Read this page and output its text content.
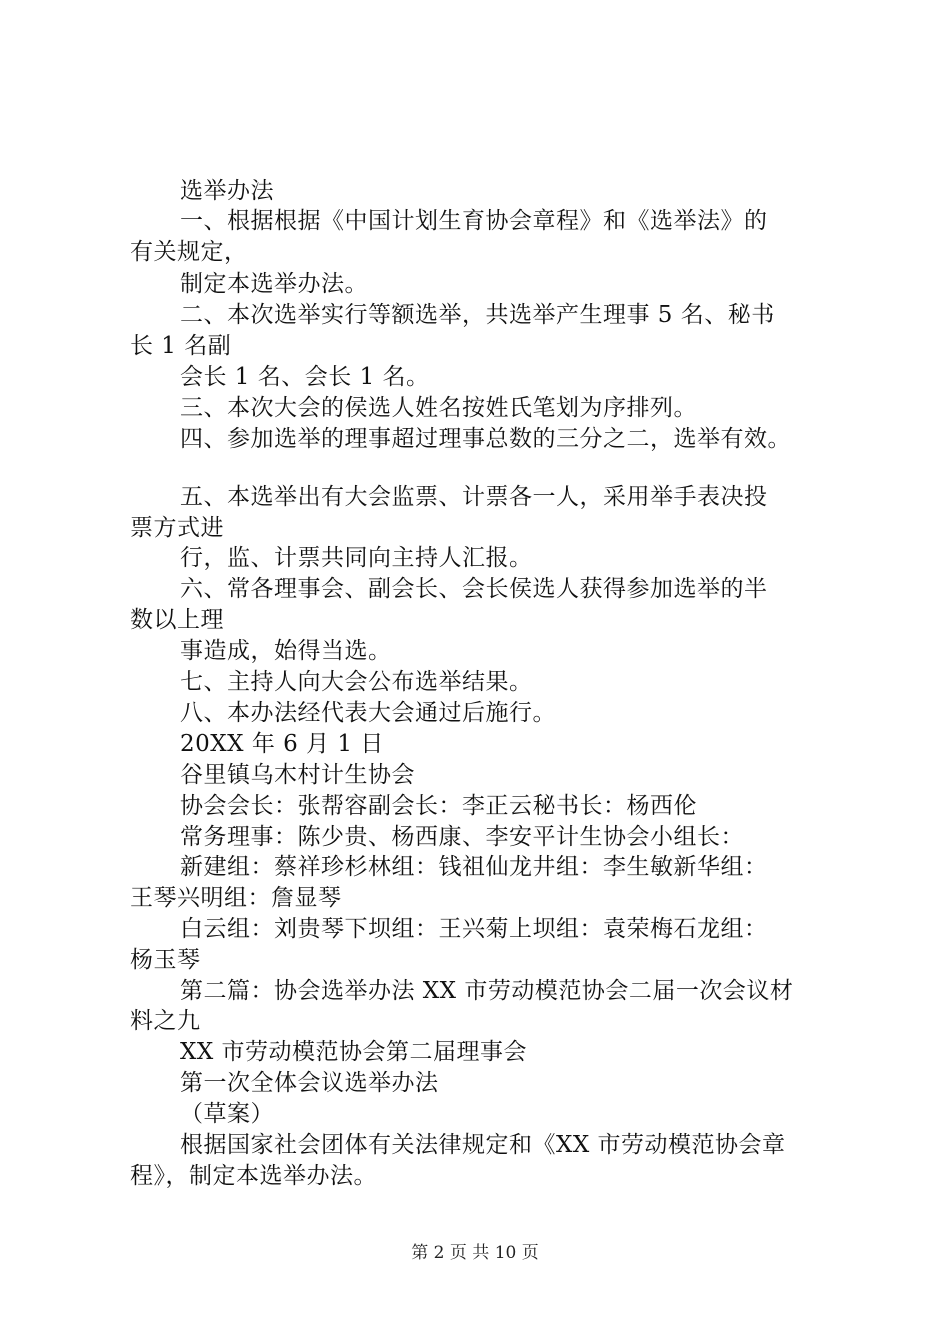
选举办法
一、根据根据《中国计划生育协会章程》和《选举法》的
有关规定，
制定本选举办法。
二、本次选举实行等额选举，共选举产生理事 5 名、秘书
长 1 名副
会长 1 名、会长 1 名。
三、本次大会的侯选人姓名按姓氏笔划为序排列。
四、参加选举的理事超过理事总数的三分之二，选举有效。
五、本选举出有大会监票、计票各一人，采用举手表决投
票方式进
行，监、计票共同向主持人汇报。
六、常各理事会、副会长、会长侯选人获得参加选举的半
数以上理
事造成，始得当选。
七、主持人向大会公布选举结果。
八、本办法经代表大会通过后施行。
20XX 年 6 月 1 日
谷里镇乌木村计生协会
协会会长：张帮容副会长：李正云秘书长：杨西伦
常务理事：陈少贵、杨西康、李安平计生协会小组长：
新建组：蔡祥珍杉林组：钱祖仙龙井组：李生敏新华组：
王琴兴明组：詹显琴
白云组：刘贵琴下坝组：王兴菊上坝组：袁荣梅石龙组：
杨玉琴
第二篇：协会选举办法 XX 市劳动模范协会二届一次会议材
料之九
XX 市劳动模范协会第二届理事会
第一次全体会议选举办法
（草案）
根据国家社会团体有关法律规定和《XX 市劳动模范协会章
程》，制定本选举办法。
第 2 页 共 10 页
